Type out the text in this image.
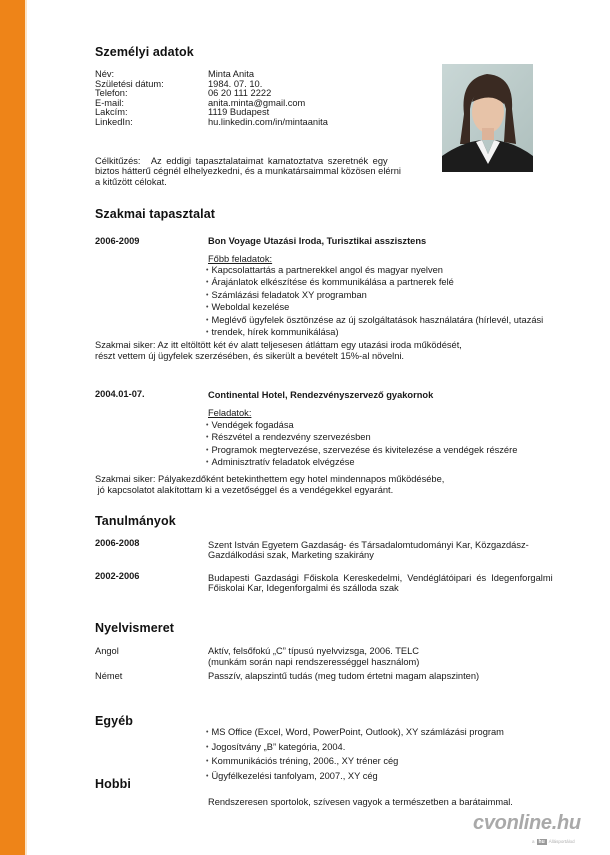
Személyi adatok
Név:	Minta Anita
Születési dátum:	1984. 07. 10.
Telefon:	06 20 111 2222
E-mail:	anita.minta@gmail.com
Lakcím:	1119 Budapest
LinkedIn:	hu.linkedin.com/in/mintaanita
Célkitűzés: Az eddigi tapasztalataimat kamatoztatva szeretnék egy
biztos hátterű cégnél elhelyezkedni, és a munkatársaimmal közösen elérni
a kitűzött célokat.
Szakmai tapasztalat
2006-2009	Bon Voyage Utazási Iroda, Turisztikai asszisztens
Főbb feladatok:
• Kapcsolattartás a partnerekkel angol és magyar nyelven
• Árajánlatok elkészítése és kommunikálása a partnerek felé
• Számlázási feladatok XY programban
• Weboldal kezelése
• Meglévő ügyfelek ösztönzése az új szolgáltatások használatára (hírlevél, utazási
• trendek, hírek kommunikálása)
Szakmai siker: Az itt eltöltött két év alatt teljesesen átláttam egy utazási iroda működését,
részt vettem új ügyfelek szerzésében, és sikerült a bevételt 15%-al növelni.
2004.01-07.	Continental Hotel, Rendezvényszervező gyakornok
Feladatok:
• Vendégek fogadása
• Részvétel a rendezvény szervezésben
• Programok megtervezése, szervezése és kivitelezése a vendégek részére
• Adminisztratív feladatok elvégzése
Szakmai siker: Pályakezdőként betekinthettem egy hotel mindennapos működésébe,
jó kapcsolatot alakítottam ki a vezetőséggel és a vendégekkel egyaránt.
Tanulmányok
2006-2008	Szent István Egyetem Gazdaság- és Társadalomtudományi Kar, Közgazdász-
Gazdálkodási szak, Marketing szakirány
2002-2006	Budapesti Gazdasági Főiskola Kereskedelmi, Vendéglátóipari és Idegenforgalmi
Főiskolai Kar, Idegenforgalmi és szálloda szak
Nyelvismeret
Angol	Aktív, felsőfokú „C” típusú nyelvvizsga, 2006. TELC
(munkám során napi rendszerességgel használom)
Német	Passzív, alapszintű tudás (meg tudom értetni magam alapszinten)
Egyéb
• MS Office (Excel, Word, PowerPoint, Outlook), XY számlázási program
• Jogosítvány „B” kategória, 2004.
• Kommunikációs tréning, 2006., XY tréner cég
• Ügyfélkezelési tanfolyam, 2007., XY cég
Hobbi
Rendszeresen sportolok, szívesen vagyok a természetben a barátaimmal.
cvonline.hu
a hu Állásportálod
